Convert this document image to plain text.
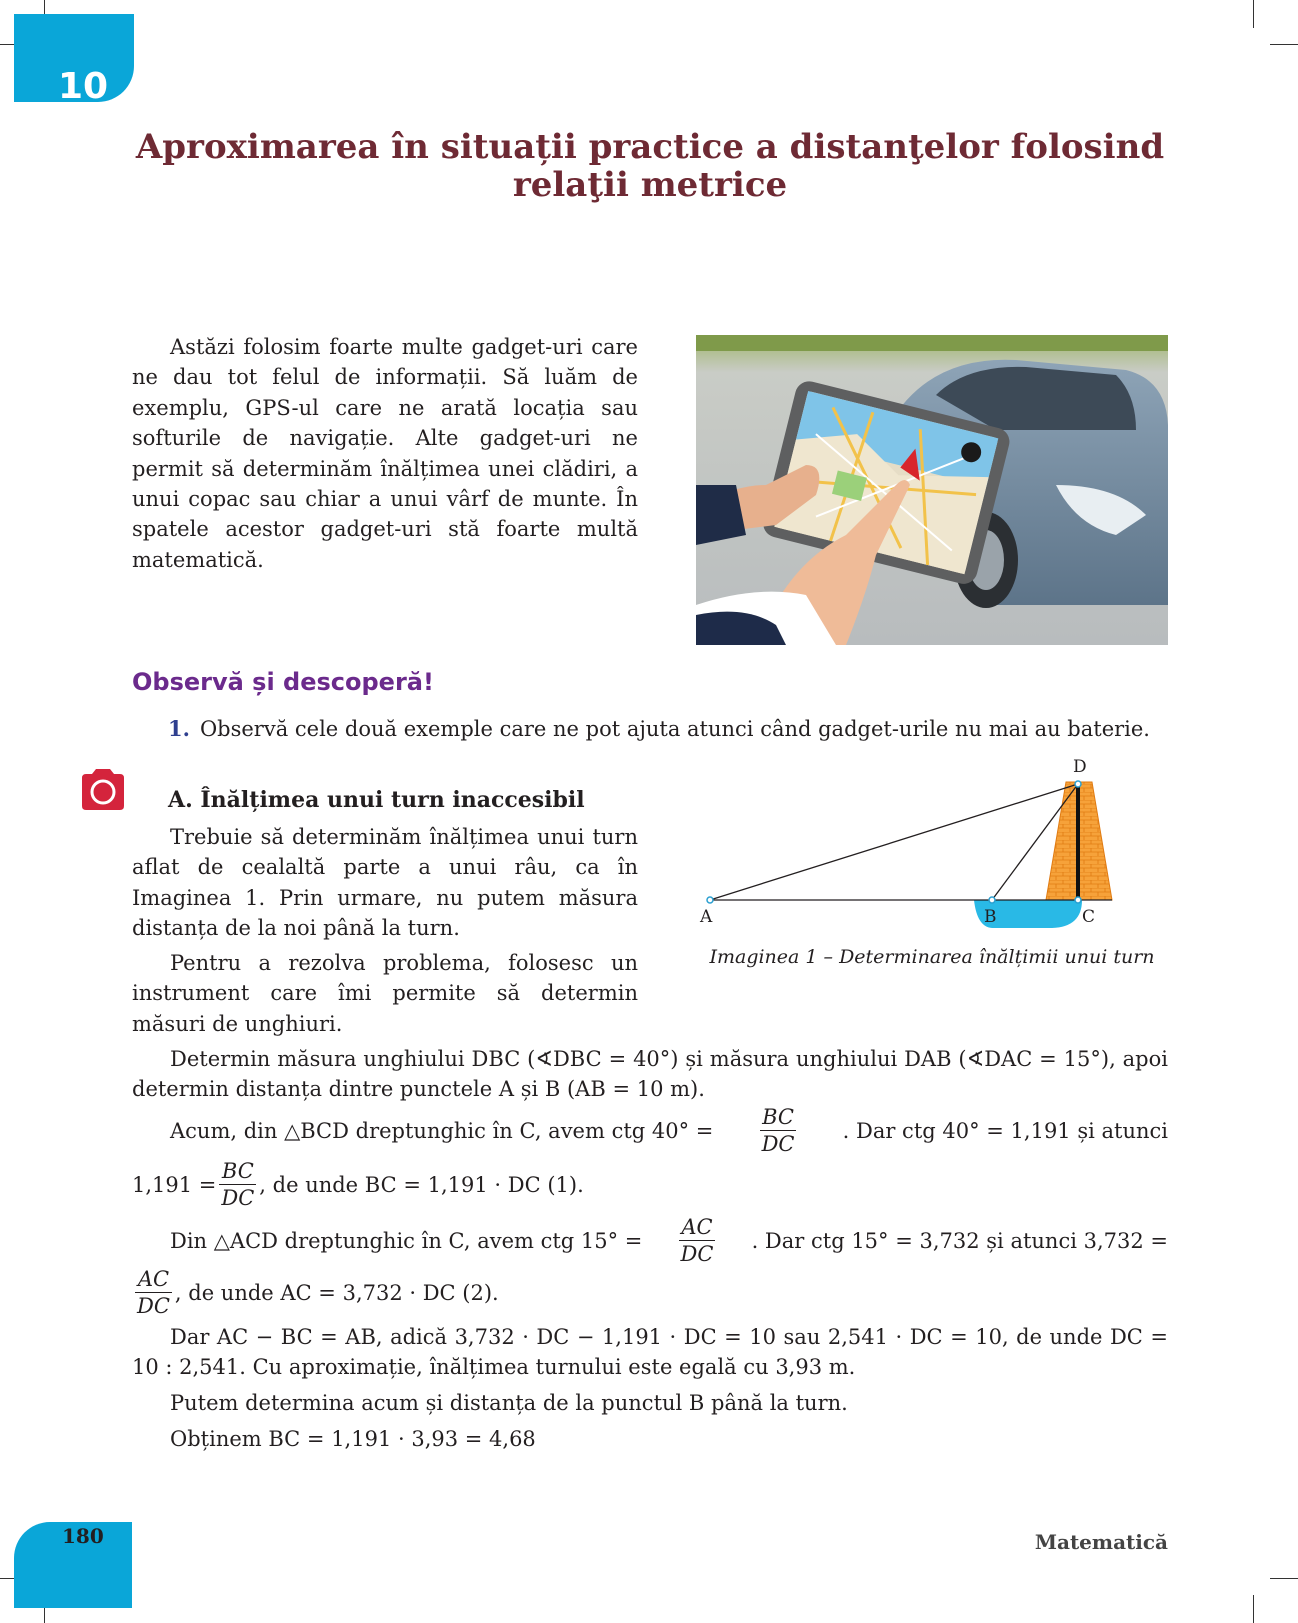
10
Aproximarea în situații practice a distanţelor folosind relaţii metrice
Astăzi folosim foarte multe gadget-uri care ne dau tot felul de informații. Să luăm de exemplu, GPS-ul care ne arată locația sau softurile de navigație. Alte gadget-uri ne permit să determinăm înălțimea unei clădiri, a unui copac sau chiar a unui vârf de munte. În spatele acestor gadget-uri stă foarte multă matematică.
Observă și descoperă!
1. Observă cele două exemple care ne pot ajuta atunci când gadget-urile nu mai au baterie.
A. Înălțimea unui turn inaccesibil
Trebuie să determinăm înălțimea unui turn aflat de cealaltă parte a unui râu, ca în Imaginea 1. Prin urmare, nu putem măsura distanța de la noi până la turn.
Pentru a rezolva problema, folosesc un instrument care îmi permite să determin măsuri de unghiuri.
A	B	C
D
Imaginea 1 – Determinarea înălțimii unui turn
Determin măsura unghiului DBC (∢DBC = 40°) și măsura unghiului DAB (∢DAC = 15°), apoi determin distanța dintre punctele A și B (AB = 10 m).
Acum, din △BCD dreptunghic în C, avem ctg $40^\circ = \frac{BC}{DC}$ . Dar ctg 40° = 1,191 și atunci
$1,191 = \frac{BC}{DC}$ , de unde BC = 1,191 · DC (1).
Din △ACD dreptunghic în C, avem ctg $15^\circ = \frac{AC}{DC}$ . Dar ctg 15° = 3,732 și atunci 3,732 =
$\frac{AC}{DC}$ , de unde AC = 3,732 · DC (2).
Dar AC − BC = AB, adică 3,732 · DC − 1,191 · DC = 10 sau 2,541 · DC = 10, de unde DC = 10 : 2,541. Cu aproximație, înălțimea turnului este egală cu 3,93 m.
Putem determina acum și distanța de la punctul B până la turn.
Obținem BC = 1,191 · 3,93 = 4,68
180	Matematică
